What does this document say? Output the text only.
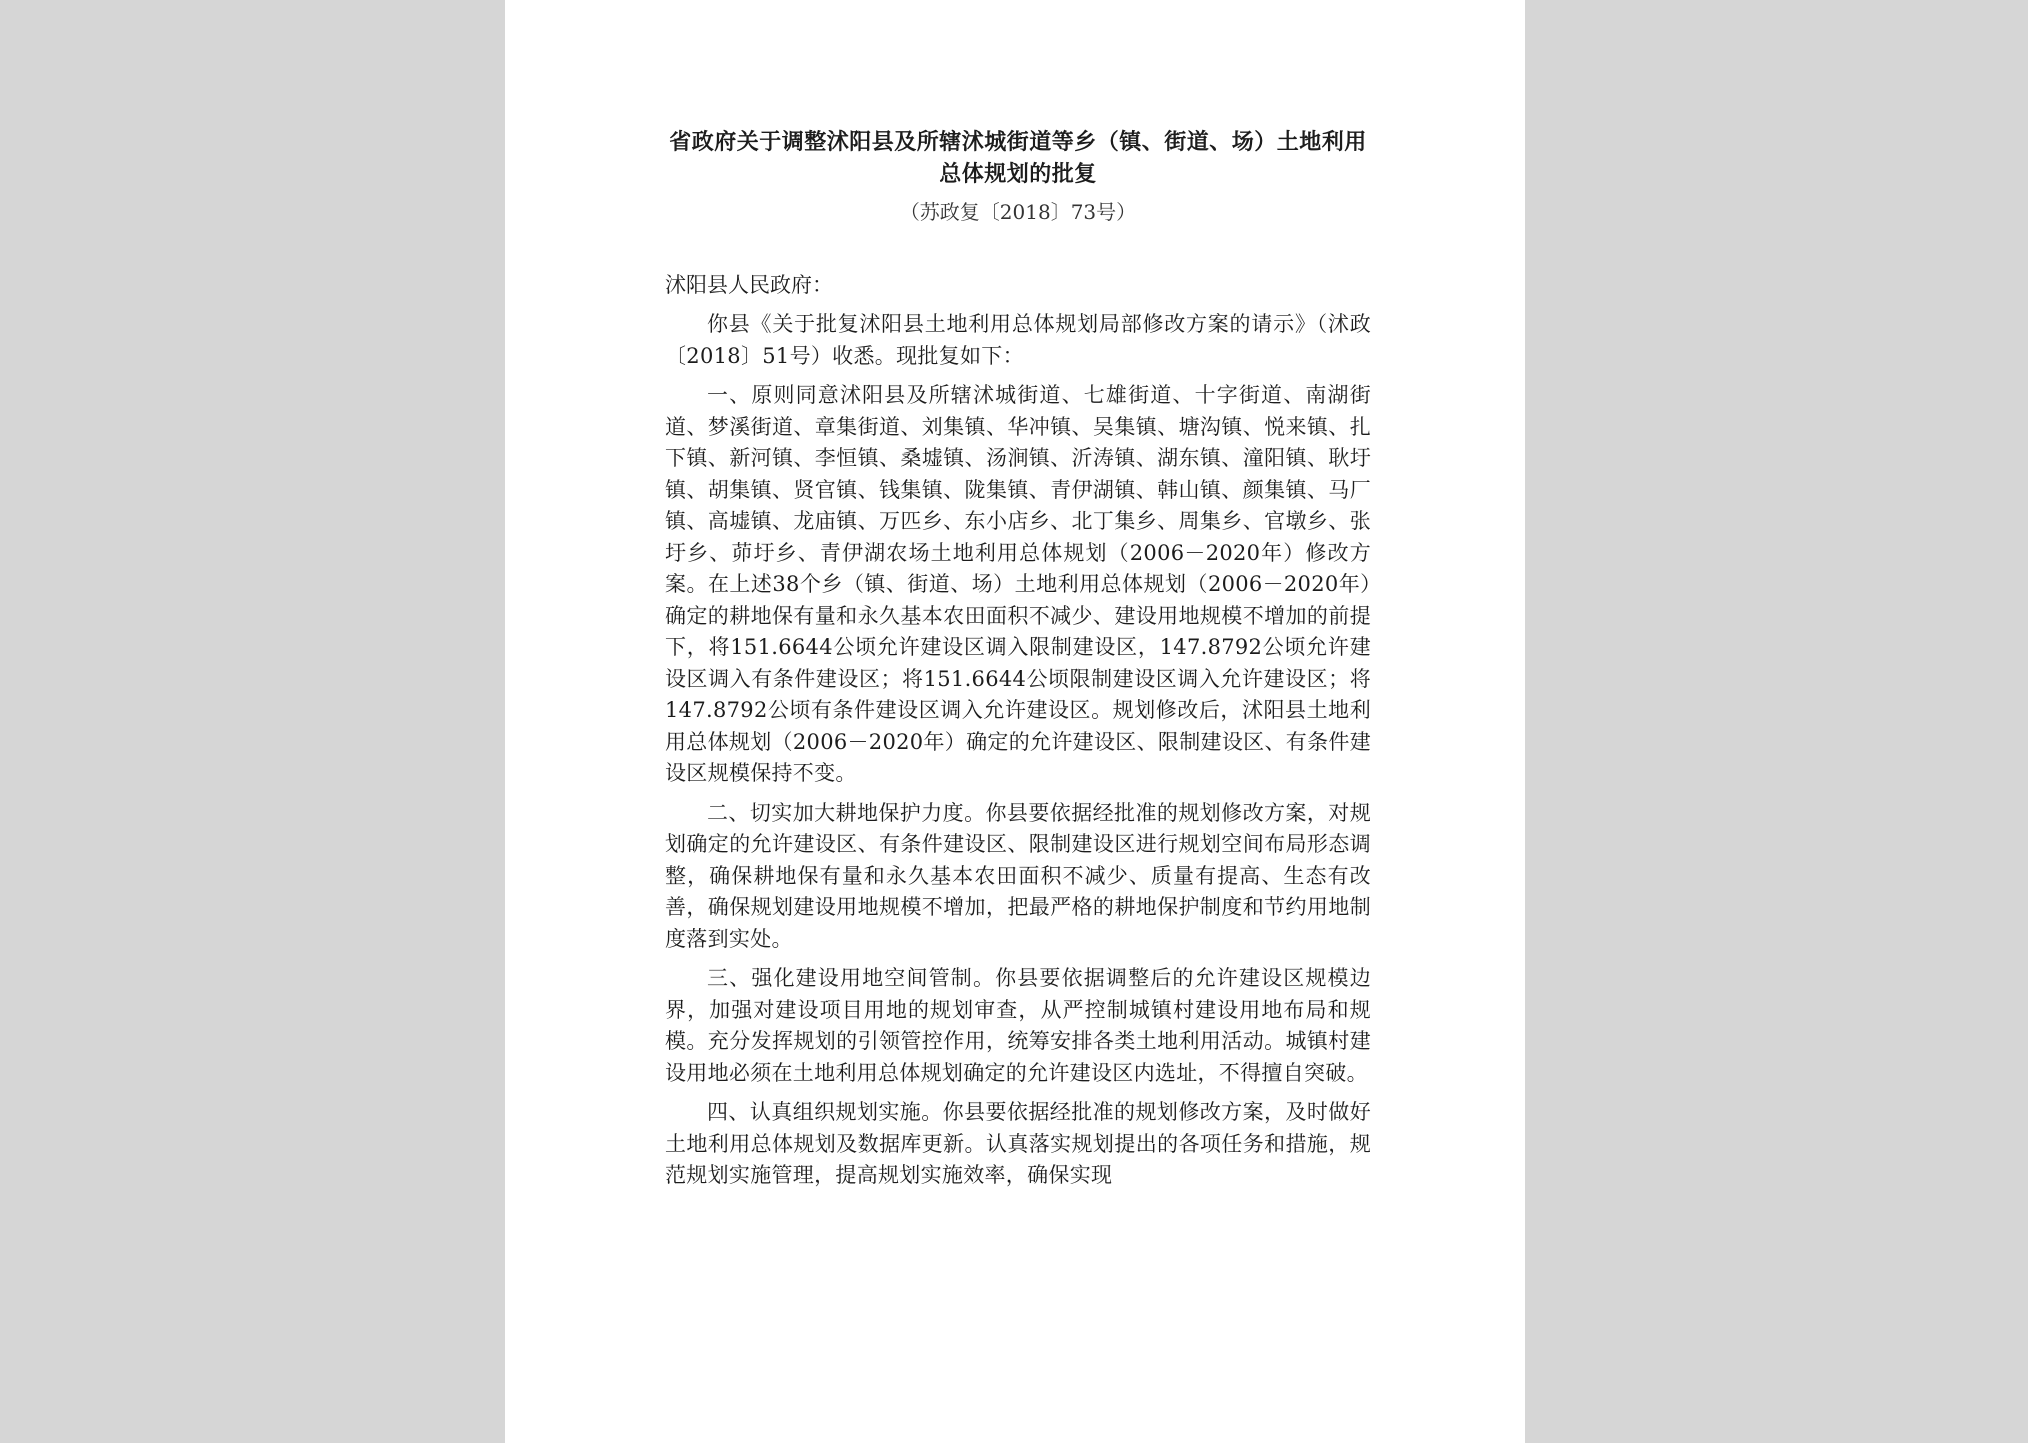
省政府关于调整沭阳县及所辖沭城街道等乡（镇、街道、场）土地利用总体规划的批复

（苏政复〔2018〕73号）

沭阳县人民政府：

你县《关于批复沭阳县土地利用总体规划局部修改方案的请示》（沭政〔2018〕51号）收悉。现批复如下：

一、原则同意沭阳县及所辖沭城街道、七雄街道、十字街道、南湖街道、梦溪街道、章集街道、刘集镇、华冲镇、吴集镇、塘沟镇、悦来镇、扎下镇、新河镇、李恒镇、桑墟镇、汤涧镇、沂涛镇、湖东镇、潼阳镇、耿圩镇、胡集镇、贤官镇、钱集镇、陇集镇、青伊湖镇、韩山镇、颜集镇、马厂镇、高墟镇、龙庙镇、万匹乡、东小店乡、北丁集乡、周集乡、官墩乡、张圩乡、茆圩乡、青伊湖农场土地利用总体规划（2006－2020年）修改方案。在上述38个乡（镇、街道、场）土地利用总体规划（2006－2020年）确定的耕地保有量和永久基本农田面积不减少、建设用地规模不增加的前提下，将151.6644公顷允许建设区调入限制建设区，147.8792公顷允许建设区调入有条件建设区；将151.6644公顷限制建设区调入允许建设区；将147.8792公顷有条件建设区调入允许建设区。规划修改后，沭阳县土地利用总体规划（2006－2020年）确定的允许建设区、限制建设区、有条件建设区规模保持不变。

二、切实加大耕地保护力度。你县要依据经批准的规划修改方案，对规划确定的允许建设区、有条件建设区、限制建设区进行规划空间布局形态调整，确保耕地保有量和永久基本农田面积不减少、质量有提高、生态有改善，确保规划建设用地规模不增加，把最严格的耕地保护制度和节约用地制度落到实处。

三、强化建设用地空间管制。你县要依据调整后的允许建设区规模边界，加强对建设项目用地的规划审查，从严控制城镇村建设用地布局和规模。充分发挥规划的引领管控作用，统筹安排各类土地利用活动。城镇村建设用地必须在土地利用总体规划确定的允许建设区内选址，不得擅自突破。

四、认真组织规划实施。你县要依据经批准的规划修改方案，及时做好土地利用总体规划及数据库更新。认真落实规划提出的各项任务和措施，规范规划实施管理，提高规划实施效率，确保实现
